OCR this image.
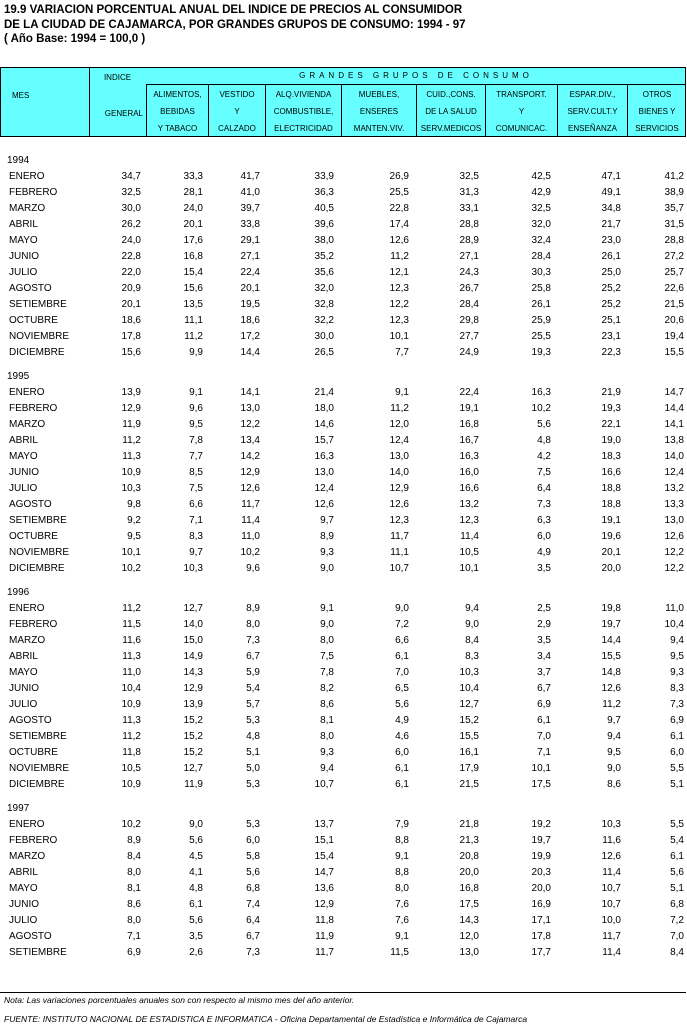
19.9 VARIACION PORCENTUAL ANUAL DEL INDICE DE PRECIOS AL CONSUMIDOR
DE LA CIUDAD DE CAJAMARCA, POR GRANDES GRUPOS DE CONSUMO: 1994 - 97
( Año Base: 1994 = 100,0 )
GRANDES GRUPOS DE CONSUMO
MES
INDICE
GENERAL
ALIMENTOS,
BEBIDAS
Y TABACO
VESTIDO
Y
CALZADO
ALQ.VIVIENDA
COMBUSTIBLE,
ELECTRICIDAD
MUEBLES,
ENSERES
MANTEN.VIV.
CUID.,CONS.
DE LA SALUD
SERV.MEDICOS
TRANSPORT.
Y
COMUNICAC.
ESPAR.DIV.,
SERV.CULT.Y
ENSEÑANZA
OTROS
BIENES Y
SERVICIOS
1994									
ENERO	34,7	33,3	41,7	33,9	26,9	32,5	42,5	47,1	41,2
FEBRERO	32,5	28,1	41,0	36,3	25,5	31,3	42,9	49,1	38,9
MARZO	30,0	24,0	39,7	40,5	22,8	33,1	32,5	34,8	35,7
ABRIL	26,2	20,1	33,8	39,6	17,4	28,8	32,0	21,7	31,5
MAYO	24,0	17,6	29,1	38,0	12,6	28,9	32,4	23,0	28,8
JUNIO	22,8	16,8	27,1	35,2	11,2	27,1	28,4	26,1	27,2
JULIO	22,0	15,4	22,4	35,6	12,1	24,3	30,3	25,0	25,7
AGOSTO	20,9	15,6	20,1	32,0	12,3	26,7	25,8	25,2	22,6
SETIEMBRE	20,1	13,5	19,5	32,8	12,2	28,4	26,1	25,2	21,5
OCTUBRE	18,6	11,1	18,6	32,2	12,3	29,8	25,9	25,1	20,6
NOVIEMBRE	17,8	11,2	17,2	30,0	10,1	27,7	25,5	23,1	19,4
DICIEMBRE	15,6	9,9	14,4	26,5	7,7	24,9	19,3	22,3	15,5

1995									
ENERO	13,9	9,1	14,1	21,4	9,1	22,4	16,3	21,9	14,7
FEBRERO	12,9	9,6	13,0	18,0	11,2	19,1	10,2	19,3	14,4
MARZO	11,9	9,5	12,2	14,6	12,0	16,8	5,6	22,1	14,1
ABRIL	11,2	7,8	13,4	15,7	12,4	16,7	4,8	19,0	13,8
MAYO	11,3	7,7	14,2	16,3	13,0	16,3	4,2	18,3	14,0
JUNIO	10,9	8,5	12,9	13,0	14,0	16,0	7,5	16,6	12,4
JULIO	10,3	7,5	12,6	12,4	12,9	16,6	6,4	18,8	13,2
AGOSTO	9,8	6,6	11,7	12,6	12,6	13,2	7,3	18,8	13,3
SETIEMBRE	9,2	7,1	11,4	9,7	12,3	12,3	6,3	19,1	13,0
OCTUBRE	9,5	8,3	11,0	8,9	11,7	11,4	6,0	19,6	12,6
NOVIEMBRE	10,1	9,7	10,2	9,3	11,1	10,5	4,9	20,1	12,2
DICIEMBRE	10,2	10,3	9,6	9,0	10,7	10,1	3,5	20,0	12,2

1996									
ENERO	11,2	12,7	8,9	9,1	9,0	9,4	2,5	19,8	11,0
FEBRERO	11,5	14,0	8,0	9,0	7,2	9,0	2,9	19,7	10,4
MARZO	11,6	15,0	7,3	8,0	6,6	8,4	3,5	14,4	9,4
ABRIL	11,3	14,9	6,7	7,5	6,1	8,3	3,4	15,5	9,5
MAYO	11,0	14,3	5,9	7,8	7,0	10,3	3,7	14,8	9,3
JUNIO	10,4	12,9	5,4	8,2	6,5	10,4	6,7	12,6	8,3
JULIO	10,9	13,9	5,7	8,6	5,6	12,7	6,9	11,2	7,3
AGOSTO	11,3	15,2	5,3	8,1	4,9	15,2	6,1	9,7	6,9
SETIEMBRE	11,2	15,2	4,8	8,0	4,6	15,5	7,0	9,4	6,1
OCTUBRE	11,8	15,2	5,1	9,3	6,0	16,1	7,1	9,5	6,0
NOVIEMBRE	10,5	12,7	5,0	9,4	6,1	17,9	10,1	9,0	5,5
DICIEMBRE	10,9	11,9	5,3	10,7	6,1	21,5	17,5	8,6	5,1

1997									
ENERO	10,2	9,0	5,3	13,7	7,9	21,8	19,2	10,3	5,5
FEBRERO	8,9	5,6	6,0	15,1	8,8	21,3	19,7	11,6	5,4
MARZO	8,4	4,5	5,8	15,4	9,1	20,8	19,9	12,6	6,1
ABRIL	8,0	4,1	5,6	14,7	8,8	20,0	20,3	11,4	5,6
MAYO	8,1	4,8	6,8	13,6	8,0	16,8	20,0	10,7	5,1
JUNIO	8,6	6,1	7,4	12,9	7,6	17,5	16,9	10,7	6,8
JULIO	8,0	5,6	6,4	11,8	7,6	14,3	17,1	10,0	7,2
AGOSTO	7,1	3,5	6,7	11,9	9,1	12,0	17,8	11,7	7,0
SETIEMBRE	6,9	2,6	7,3	11,7	11,5	13,0	17,7	11,4	8,4
Nota: Las variaciones porcentuales anuales son con respecto al mismo mes del año anterior.
FUENTE: INSTITUTO NACIONAL DE ESTADISTICA E INFORMATICA - Oficina Departamental de Estadística e Informática de Cajamarca
